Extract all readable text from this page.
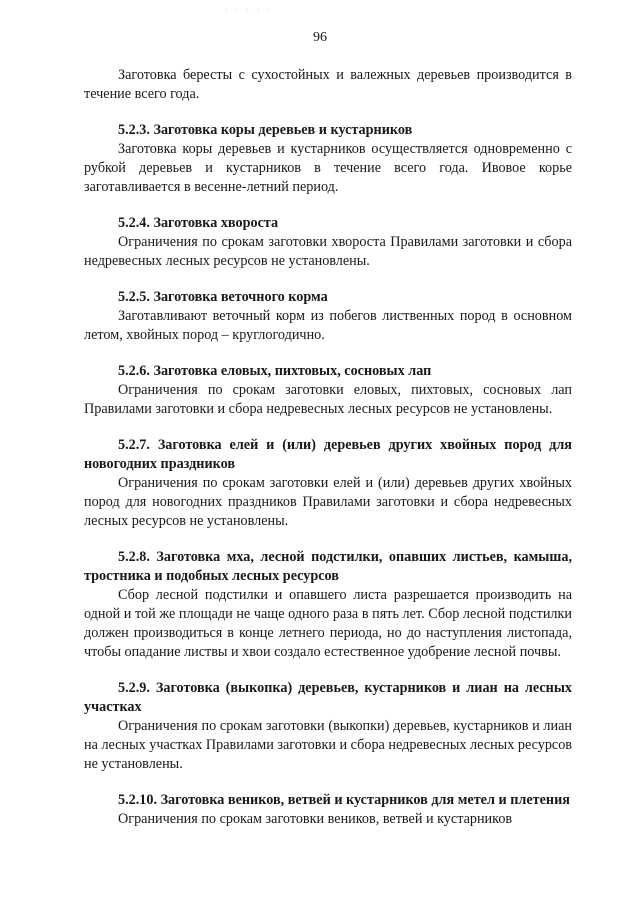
· · · · ·
96

Заготовка бересты с сухостойных и валежных деревьев производится в течение всего года.

5.2.3. Заготовка коры деревьев и кустарников

Заготовка коры деревьев и кустарников осуществляется одновременно с рубкой деревьев и кустарников в течение всего года. Ивовое корье заготавливается в весенне-летний период.

5.2.4. Заготовка хвороста

Ограничения по срокам заготовки хвороста Правилами заготовки и сбора недревесных лесных ресурсов не установлены.

5.2.5. Заготовка веточного корма

Заготавливают веточный корм из побегов лиственных пород в основном летом, хвойных пород – круглогодично.

5.2.6. Заготовка еловых, пихтовых, сосновых лап

Ограничения по срокам заготовки еловых, пихтовых, сосновых лап Правилами заготовки и сбора недревесных лесных ресурсов не установлены.

5.2.7. Заготовка елей и (или) деревьев других хвойных пород для новогодних праздников

Ограничения по срокам заготовки елей и (или) деревьев других хвойных пород для новогодних праздников Правилами заготовки и сбора недревесных лесных ресурсов не установлены.

5.2.8. Заготовка мха, лесной подстилки, опавших листьев, камыша, тростника и подобных лесных ресурсов

Сбор лесной подстилки и опавшего листа разрешается производить на одной и той же площади не чаще одного раза в пять лет. Сбор лесной подстилки должен производиться в конце летнего периода, но до наступления листопада, чтобы опадание листвы и хвои создало естественное удобрение лесной почвы.

5.2.9. Заготовка (выкопка) деревьев, кустарников и лиан на лесных участках

Ограничения по срокам заготовки (выкопки) деревьев, кустарников и лиан на лесных участках Правилами заготовки и сбора недревесных лесных ресурсов не установлены.

5.2.10. Заготовка веников, ветвей и кустарников для метел и плетения

Ограничения по срокам заготовки веников, ветвей и кустарников
